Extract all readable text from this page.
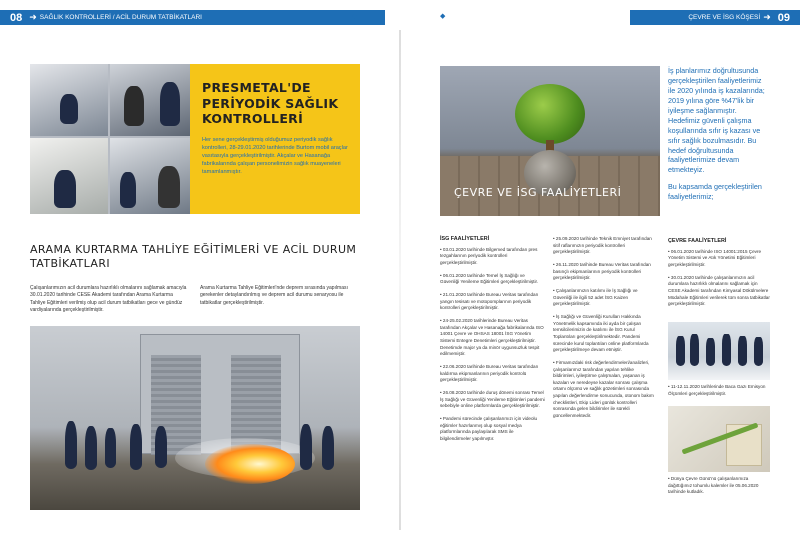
08 ➜ SAĞLIK KONTROLLERİ / ACİL DURUM TATBİKATLARI	◆
◆	ÇEVRE VE İSG KÖŞESİ ➜ 09
PRESMETAL'DE PERİYODİK SAĞLIK KONTROLLERİ

Her sene gerçekleştirmiş olduğumuz periyodik sağlık kontrolleri, 28-29.01.2020 tarihlerinde Burtom mobil araçlar vasıtasıyla gerçekleştirilmiştir. Akçalar ve Hasanağa fabrikalarında çalışan personelimizin sağlık muayeneleri tamamlanmıştır.

ARAMA KURTARMA TAHLİYE EĞİTİMLERİ VE ACİL DURUM TATBİKATLARI
Çalışanlarımızın acil durumlara hazırlıklı olmalarını sağlamak amacıyla 30.01.2020 tarihinde CESE Akademi tarafından Arama Kurtarma Tahliye Eğitimleri verilmiş olup acil durum tatbikatları gece ve gündüz vardiyalarında gerçekleştirilmiştir.
Arama Kurtarma Tahliye Eğitimleri'nde deprem sırasında yapılması gerekenler detaylandırılmış ve deprem acil durumu senaryosu ile tatbikatlar gerçekleştirilmiştir.
ÇEVRE VE İSG FAALİYETLERİ

İş planlarımız doğrultusunda gerçekleştirilen faaliyetlerimiz ile 2020 yılında iş kazalarında; 2019 yılına göre %47'lik bir iyileşme sağlanmıştır. Hedefimiz güvenli çalışma koşullarında sıfır iş kazası ve sıfır sağlık bozulmasıdır. Bu hedef doğrultusunda faaliyetlerimize devam etmekteyiz.

Bu kapsamda gerçekleştirilen faaliyetlerimiz;

İSG FAALİYETLERİ

• 03.01.2020 tarihinde Bilgemed tarafından pres tezgahlarının periyodik kontrolleri gerçekleştirilmiştir.

• 06.01.2020 tarihinde Temel İş Sağlığı ve Güvenliği Yenileme Eğitimleri gerçekleştirilmiştir.

• 21.01.2020 tarihinde Bureau Veritas tarafından yangın tesisatı ve motopomplarının periyodik kontrolleri gerçekleştirilmiştir.

• 24-25.02.2020 tarihlerinde Bureau Veritas tarafından Akçalar ve Hasanağa fabrikalarında ISO 14001 Çevre ve OHSAS 18001 İSG Yönetim Sistemi Entegre Denetimleri gerçekleştirilmiştir. Denetimde major ya da minör uygunsuzluk tespit edilmemiştir.

• 22.06.2020 tarihinde Bureau Veritas tarafından kaldırma ekipmanlarının periyodik kontrolü gerçekleştirilmiştir.

• 26.08.2020 tarihinde duruş dönemi sonrası Temel İş Sağlığı ve Güvenliği Yenileme Eğitimleri pandemi sebebiyle online platformlarda gerçekleştirilmiştir.

• Pandemi sürecinde çalışanlarımızı için videolu eğitimler hazırlanmış olup sosyal medya platformlarında paylaşılarak SMS ile bilgilendirmeler yapılmıştır.

• 25.09.2020 tarihinde Teknik Emniyet tarafından sitif raflarımızın periyodik kontrolleri gerçekleştirilmiştir.

• 26.11.2020 tarihinde Bureau Veritas tarafından basınçlı ekipmanlarının periyodik kontrolleri gerçekleştirilmiştir.

• Çalışanlarımızın katılımı ile İş Sağlığı ve Güvenliği ile ilgili 52 adet İSG Kaizen gerçekleştirilmiştir.

• İş Sağlığı ve Güvenliği Kurulları Hakkında Yönetmelik kapsamında iki ayda bir çalışan temsilcilerimizin de katılımı ile İSG Kurul Toplantıları gerçekleştirilmektedir. Pandemi sürecinde kurul toplantıları online platformlarda gerçekleştirilmeye devam etmiştir.

• Firmamızdaki risk değerlendirmeleri/analizleri, çalışanlarımız tarafından yapılan tehlike bildirimleri, iyileştirme çalışmaları, yaşanan iş kazaları ve neredeyse kazalar sonrası çalışma ortamı ölçümü ve sağlık gözetimleri sonrasında yapılan değerlendirme sonucunda, otonom bakım checklistleri, Ekip Lideri günlük kontrolleri sonrasında gelen bildirimler ile sürekli güncellenmektedir.

ÇEVRE FAALİYETLERİ

• 06.01.2020 tarihinde ISO 14001:2015 Çevre Yönetim Sistemi ve Atık Yönetimi Eğitimleri gerçekleştirilmiştir.

• 30.01.2020 tarihinde çalışanlarımızın acil durumlara hazırlıklı olmalarını sağlamak için CESE Akademi tarafından Kimyasal Dökülmelere Müdahale Eğitimleri verilerek tüm sonra tatbikatlar gerçekleştirilmiştir.

• 11-12.11.2020 tarihlerinde Baca Gazı Emisyon Ölçümleri gerçekleştirilmiştir.
• Dünya Çevre Günü'nü çalışanlarımıza dağıttığımız tohumlu kalemler ile 05.06.2020 tarihinde kutladık.
